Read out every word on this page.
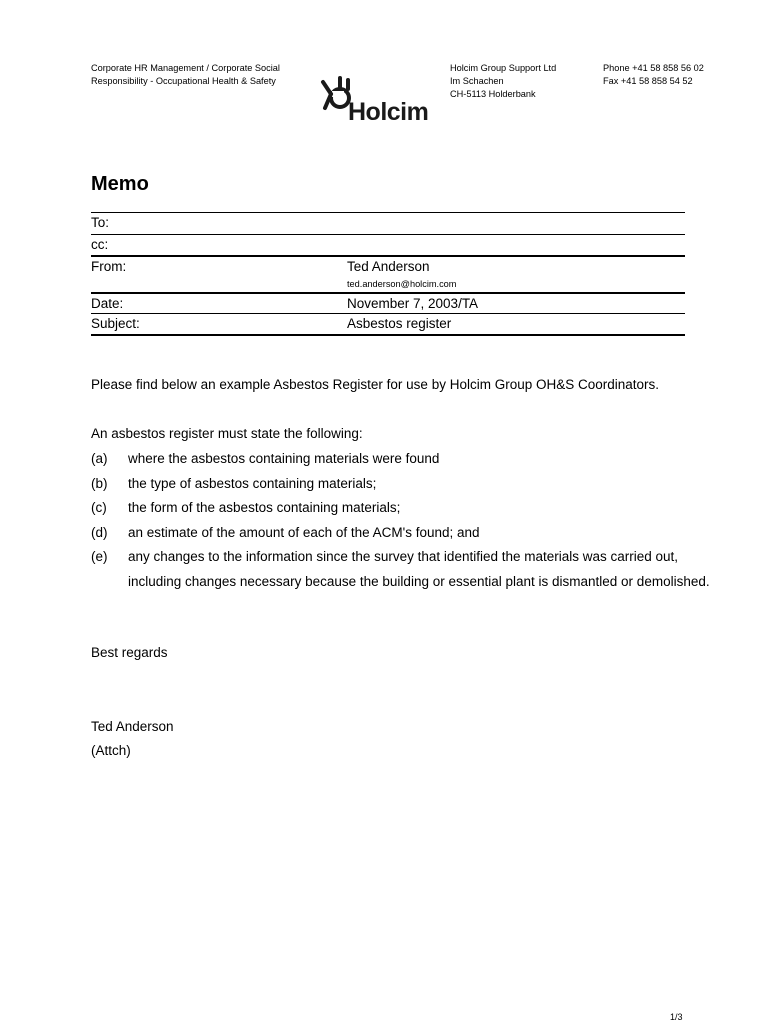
Corporate HR Management / Corporate Social
Responsibility - Occupational Health & Safety
Holcim
Holcim Group Support Ltd
Im Schachen
CH-5113 Holderbank
Phone +41 58 858 56 02
Fax +41 58 858 54 52
Memo
To:
cc:
From:	Ted Anderson
ted.anderson@holcim.com
Date:	November 7, 2003/TA
Subject:	Asbestos register
Please find below an example Asbestos Register for use by Holcim Group OH&S Coordinators.
An asbestos register must state the following:
(a) where the asbestos containing materials were found
(b) the type of asbestos containing materials;
(c) the form of the asbestos containing materials;
(d) an estimate of the amount of each of the ACM's found; and
(e) any changes to the information since the survey that identified the materials was carried out, including changes necessary because the building or essential plant is dismantled or demolished.
Best regards
Ted Anderson
(Attch)
1/3
